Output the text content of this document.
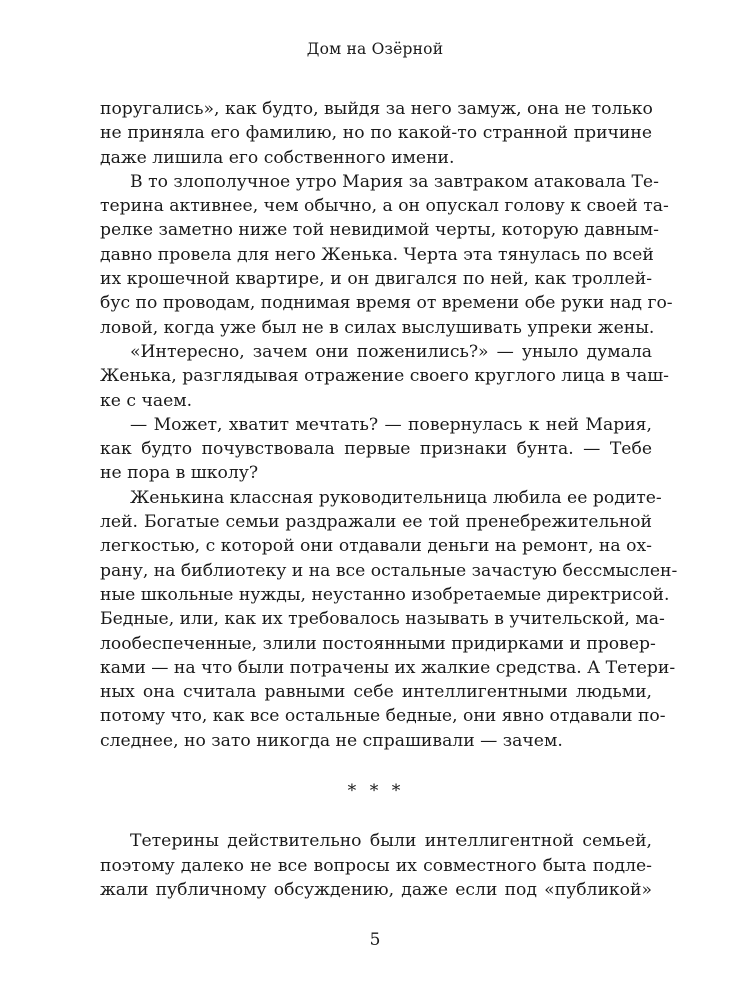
Дом на Озёрной
поругались», как будто, выйдя за него замуж, она не только
не приняла его фамилию, но по какой-то странной причине
даже лишила его собственного имени.
В то злополучное утро Мария за завтраком атаковала Те-
терина активнее, чем обычно, а он опускал голову к своей та-
релке заметно ниже той невидимой черты, которую давным-
давно провела для него Женька. Черта эта тянулась по всей
их крошечной квартире, и он двигался по ней, как троллей-
бус по проводам, поднимая время от времени обе руки над го-
ловой, когда уже был не в силах выслушивать упреки жены.
«Интересно, зачем они поженились?» — уныло думала
Женька, разглядывая отражение своего круглого лица в чаш-
ке с чаем.
— Может, хватит мечтать? — повернулась к ней Мария,
как будто почувствовала первые признаки бунта. — Тебе
не пора в школу?
Женькина классная руководительница любила ее родите-
лей. Богатые семьи раздражали ее той пренебрежительной
легкостью, с которой они отдавали деньги на ремонт, на ох-
рану, на библиотеку и на все остальные зачастую бессмыслен-
ные школьные нужды, неустанно изобретаемые директрисой.
Бедные, или, как их требовалось называть в учительской, ма-
лообеспеченные, злили постоянными придирками и провер-
ками — на что были потрачены их жалкие средства. А Тетери-
ных она считала равными себе интеллигентными людьми,
потому что, как все остальные бедные, они явно отдавали по-
следнее, но зато никогда не спрашивали — зачем.
* * *
Тетерины действительно были интеллигентной семьей,
поэтому далеко не все вопросы их совместного быта подле-
жали публичному обсуждению, даже если под «публикой»
5
